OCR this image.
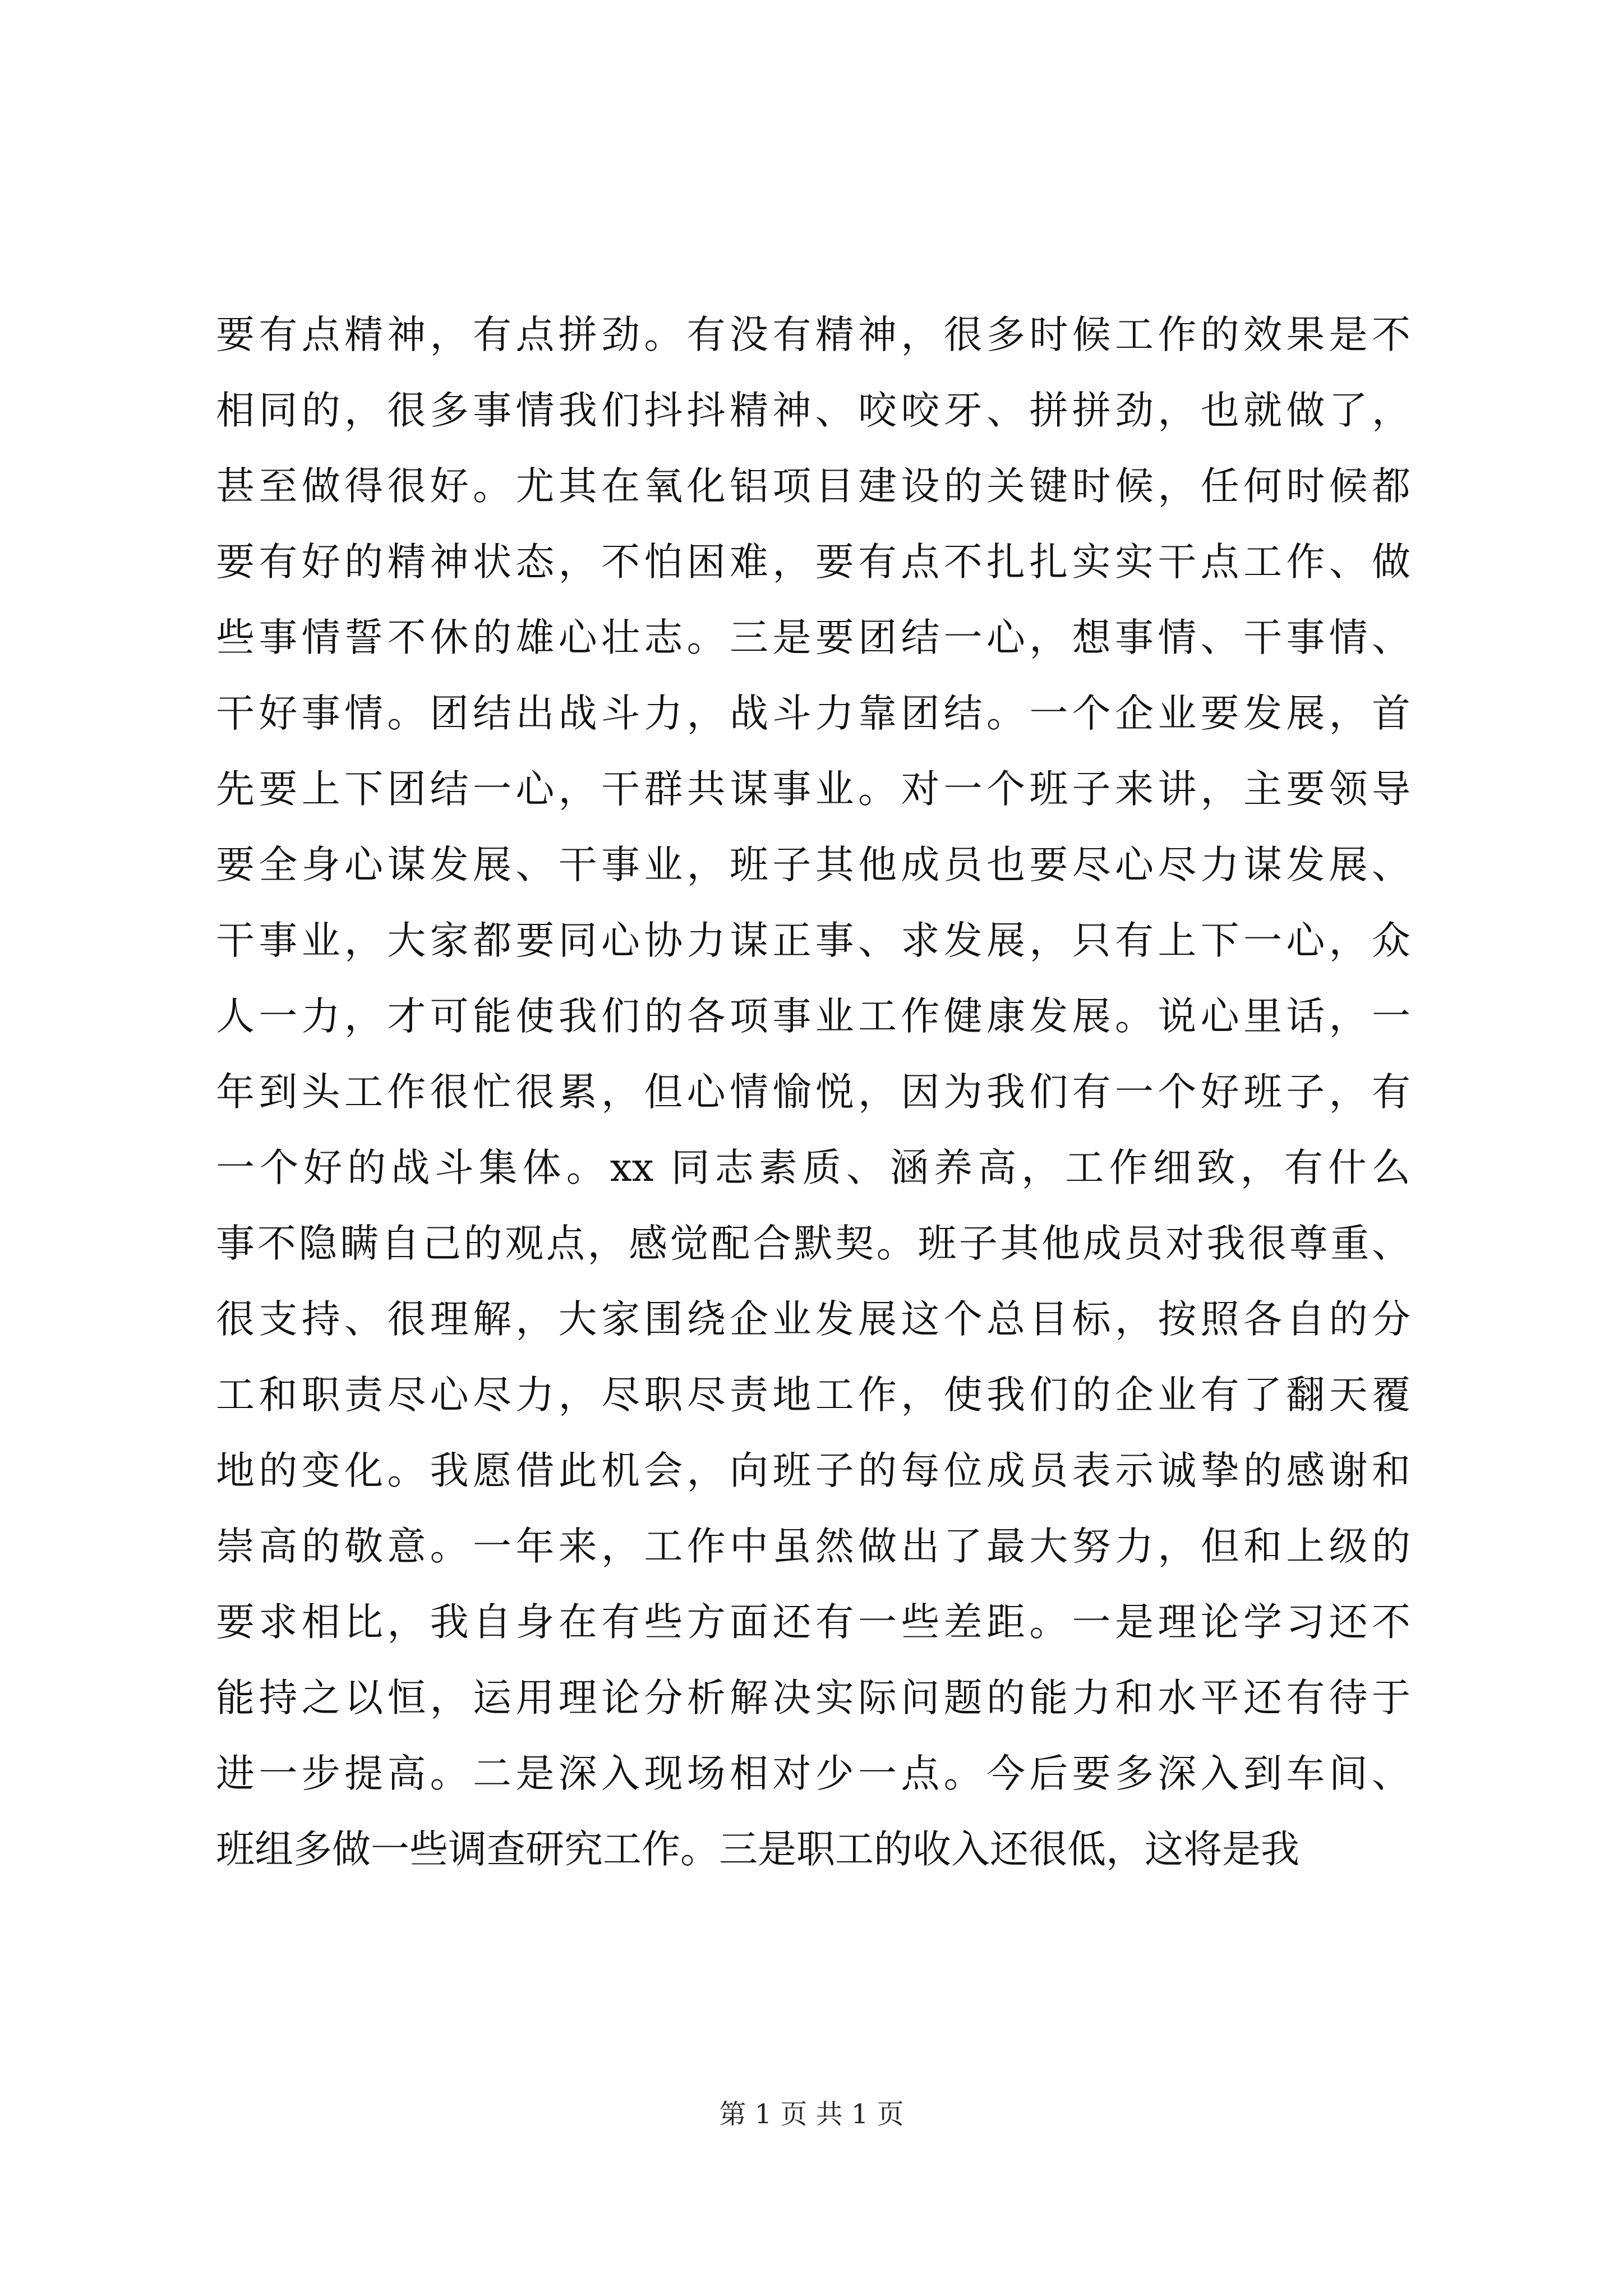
要有点精神，有点拼劲。有没有精神，很多时候工作的效果是不
相同的，很多事情我们抖抖精神、咬咬牙、拼拼劲，也就做了，
甚至做得很好。尤其在氧化铝项目建设的关键时候，任何时候都
要有好的精神状态，不怕困难，要有点不扎扎实实干点工作、做
些事情誓不休的雄心壮志。三是要团结一心，想事情、干事情、
干好事情。团结出战斗力，战斗力靠团结。一个企业要发展，首
先要上下团结一心，干群共谋事业。对一个班子来讲，主要领导
要全身心谋发展、干事业，班子其他成员也要尽心尽力谋发展、
干事业，大家都要同心协力谋正事、求发展，只有上下一心，众
人一力，才可能使我们的各项事业工作健康发展。说心里话，一
年到头工作很忙很累，但心情愉悦，因为我们有一个好班子，有
一个好的战斗集体。xx 同志素质、涵养高，工作细致，有什么
事不隐瞒自己的观点，感觉配合默契。班子其他成员对我很尊重、
很支持、很理解，大家围绕企业发展这个总目标，按照各自的分
工和职责尽心尽力，尽职尽责地工作，使我们的企业有了翻天覆
地的变化。我愿借此机会，向班子的每位成员表示诚挚的感谢和
崇高的敬意。一年来，工作中虽然做出了最大努力，但和上级的
要求相比，我自身在有些方面还有一些差距。一是理论学习还不
能持之以恒，运用理论分析解决实际问题的能力和水平还有待于
进一步提高。二是深入现场相对少一点。今后要多深入到车间、
班组多做一些调查研究工作。三是职工的收入还很低，这将是我
第 1 页 共 1 页
